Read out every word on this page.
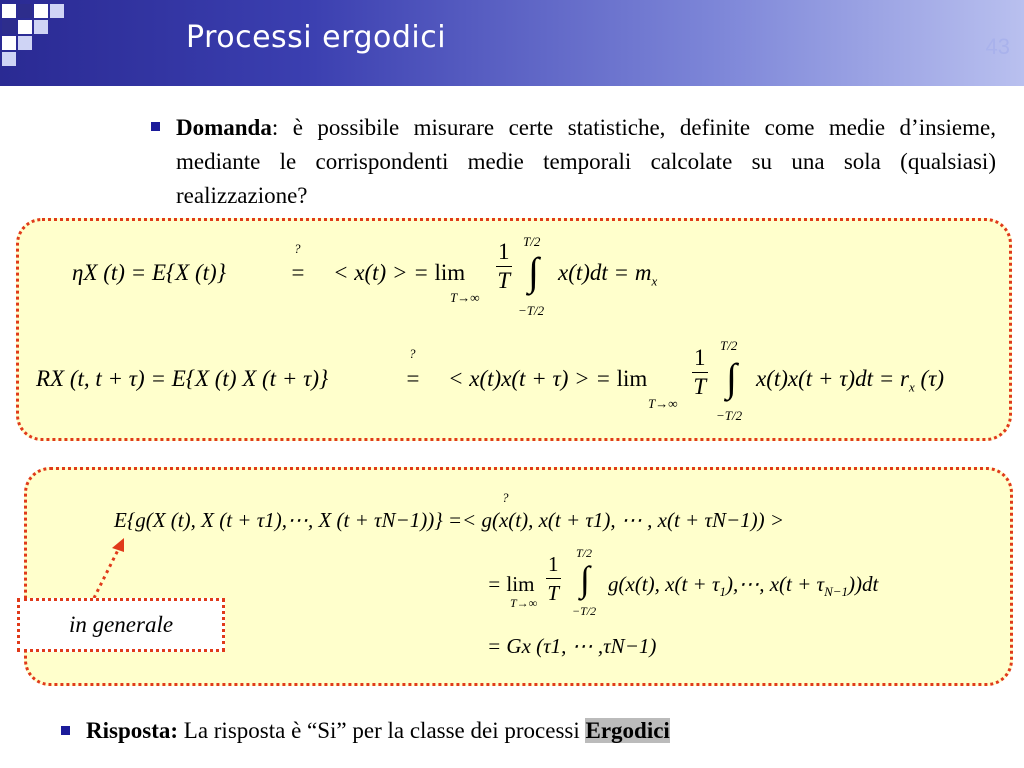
Processi ergodici	43
Domanda: è possibile misurare certe statistiche, definite come medie d’insieme, mediante le corrispondenti medie temporali calcolate su una sola (qualsiasi) realizzazione?
ηX (t) = E{X (t)}
?
= < x(t) > = lim
T→∞
$\frac{1}{T} T/2$
∫
−T/2
$x(t)dt = m_x$
RX (t, t + τ) = E{X (t) X (t + τ)}
?
= < x(t)x(t + τ) > = lim
T→∞
$\frac{1}{T} T/2$
∫
−T/2
$x(t)x(t + \tau)dt = r_x$ (τ)
?
E{g(X (t), X (t + τ1),⋯, X (t + τN−1))} =< g(x(t), x(t + τ1), ⋯ , x(t + τN−1)) >
= lim
$T\to\infty \frac{1}{T} T/2$
∫
−T/2
g(x(t), $x(t + \tau_1),\cdots$, $x(t + \tau_{N-1}))dt$
= Gx (τ1, ⋯ ,τN−1)
in generale
Risposta: La risposta è “Si” per la classe dei processi Ergodici
